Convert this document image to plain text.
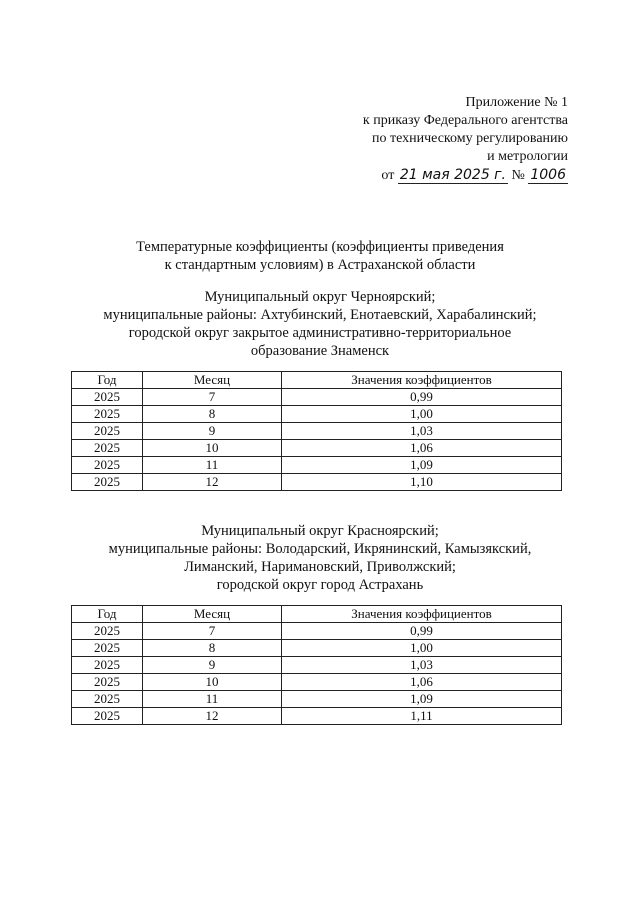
Приложение № 1
к приказу Федерального агентства
по техническому регулированию
и метрологии
от 21 мая 2025 г. № 1006
Температурные коэффициенты (коэффициенты приведения
к стандартным условиям) в Астраханской области
Муниципальный округ Черноярский;
муниципальные районы: Ахтубинский, Енотаевский, Харабалинский;
городской округ закрытое административно-территориальное
образование Знаменск
Год	Месяц	Значения коэффициентов
2025	7	0,99
2025	8	1,00
2025	9	1,03
2025	10	1,06
2025	11	1,09
2025	12	1,10
Муниципальный округ Красноярский;
муниципальные районы: Володарский, Икрянинский, Камызякский,
Лиманский, Наримановский, Приволжский;
городской округ город Астрахань
Год	Месяц	Значения коэффициентов
2025	7	0,99
2025	8	1,00
2025	9	1,03
2025	10	1,06
2025	11	1,09
2025	12	1,11
